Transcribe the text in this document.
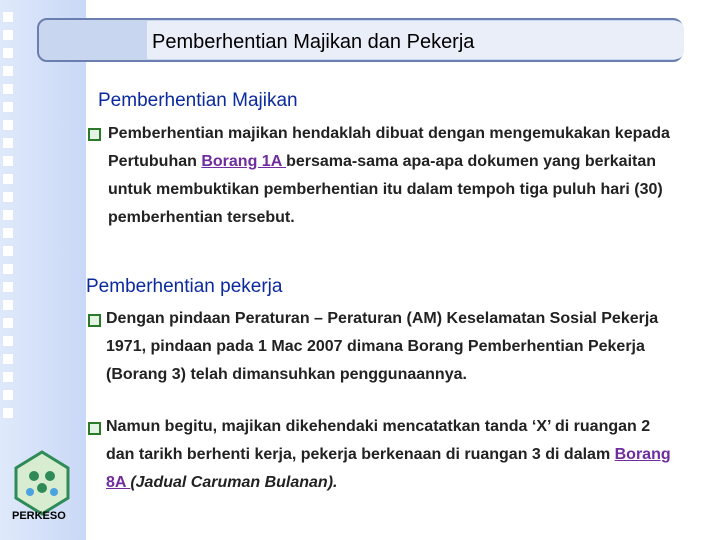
Pemberhentian Majikan dan Pekerja
Pemberhentian Majikan
Pemberhentian majikan hendaklah dibuat dengan mengemukakan kepada Pertubuhan Borang 1A bersama-sama apa-apa dokumen yang berkaitan untuk membuktikan pemberhentian itu dalam tempoh tiga puluh hari (30) pemberhentian tersebut.
Pemberhentian pekerja
Dengan pindaan Peraturan – Peraturan (AM) Keselamatan Sosial Pekerja 1971, pindaan pada 1 Mac 2007 dimana Borang Pemberhentian Pekerja (Borang 3) telah dimansuhkan penggunaannya.
Namun begitu, majikan dikehendaki mencatatkan tanda ‘X’ di ruangan 2 dan tarikh berhenti kerja, pekerja berkenaan di ruangan 3 di dalam Borang 8A (Jadual Caruman Bulanan).
PERKESO
